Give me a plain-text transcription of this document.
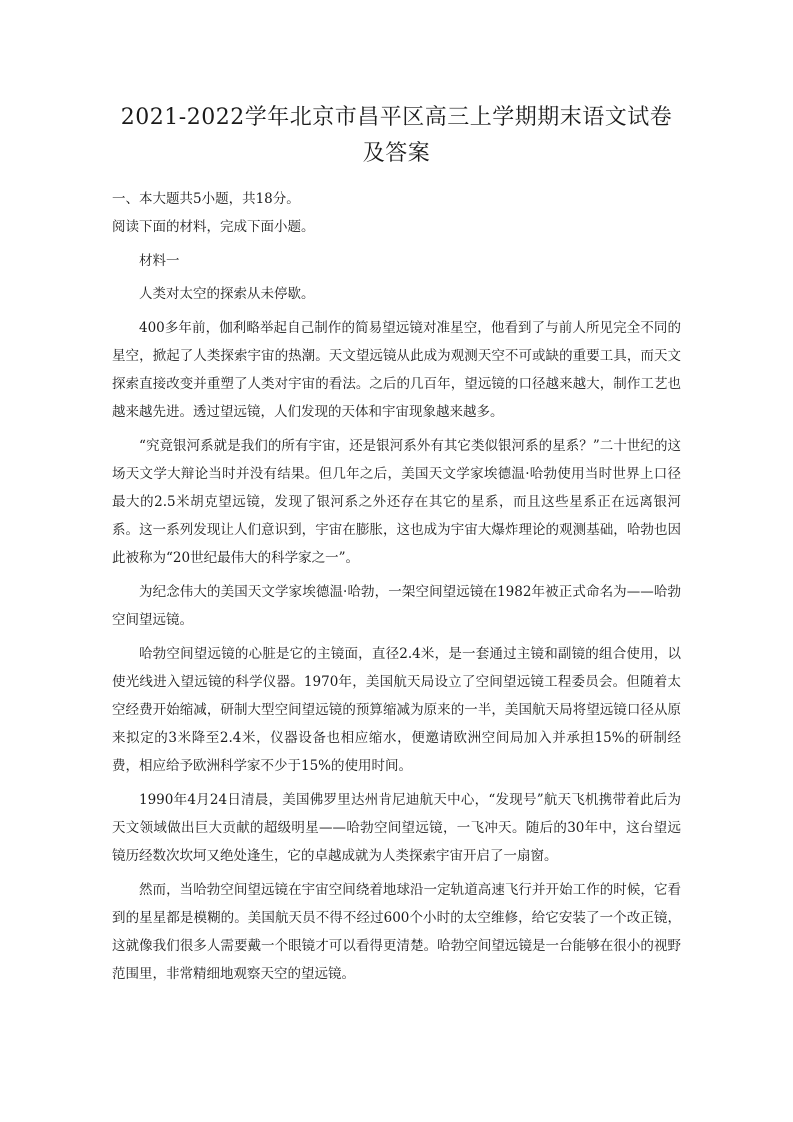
2021-2022学年北京市昌平区高三上学期期末语文试卷及答案

一、本大题共5小题，共18分。

阅读下面的材料，完成下面小题。

材料一

人类对太空的探索从未停歇。

400多年前，伽利略举起自己制作的简易望远镜对准星空，他看到了与前人所见完全不同的星空，掀起了人类探索宇宙的热潮。天文望远镜从此成为观测天空不可或缺的重要工具，而天文探索直接改变并重塑了人类对宇宙的看法。之后的几百年，望远镜的口径越来越大，制作工艺也越来越先进。透过望远镜，人们发现的天体和宇宙现象越来越多。

“究竟银河系就是我们的所有宇宙，还是银河系外有其它类似银河系的星系？”二十世纪的这场天文学大辩论当时并没有结果。但几年之后，美国天文学家埃德温·哈勃使用当时世界上口径最大的2.5米胡克望远镜，发现了银河系之外还存在其它的星系，而且这些星系正在远离银河系。这一系列发现让人们意识到，宇宙在膨胀，这也成为宇宙大爆炸理论的观测基础，哈勃也因此被称为“20世纪最伟大的科学家之一”。

为纪念伟大的美国天文学家埃德温·哈勃，一架空间望远镜在1982年被正式命名为——哈勃空间望远镜。

哈勃空间望远镜的心脏是它的主镜面，直径2.4米，是一套通过主镜和副镜的组合使用，以使光线进入望远镜的科学仪器。1970年，美国航天局设立了空间望远镜工程委员会。但随着太空经费开始缩减，研制大型空间望远镜的预算缩减为原来的一半，美国航天局将望远镜口径从原来拟定的3米降至2.4米，仪器设备也相应缩水，便邀请欧洲空间局加入并承担15%的研制经费，相应给予欧洲科学家不少于15%的使用时间。

1990年4月24日清晨，美国佛罗里达州肯尼迪航天中心，“发现号”航天飞机携带着此后为天文领域做出巨大贡献的超级明星——哈勃空间望远镜，一飞冲天。随后的30年中，这台望远镜历经数次坎坷又绝处逢生，它的卓越成就为人类探索宇宙开启了一扇窗。

然而，当哈勃空间望远镜在宇宙空间绕着地球沿一定轨道高速飞行并开始工作的时候，它看到的星星都是模糊的。美国航天员不得不经过600个小时的太空维修，给它安装了一个改正镜，这就像我们很多人需要戴一个眼镜才可以看得更清楚。哈勃空间望远镜是一台能够在很小的视野范围里，非常精细地观察天空的望远镜。
